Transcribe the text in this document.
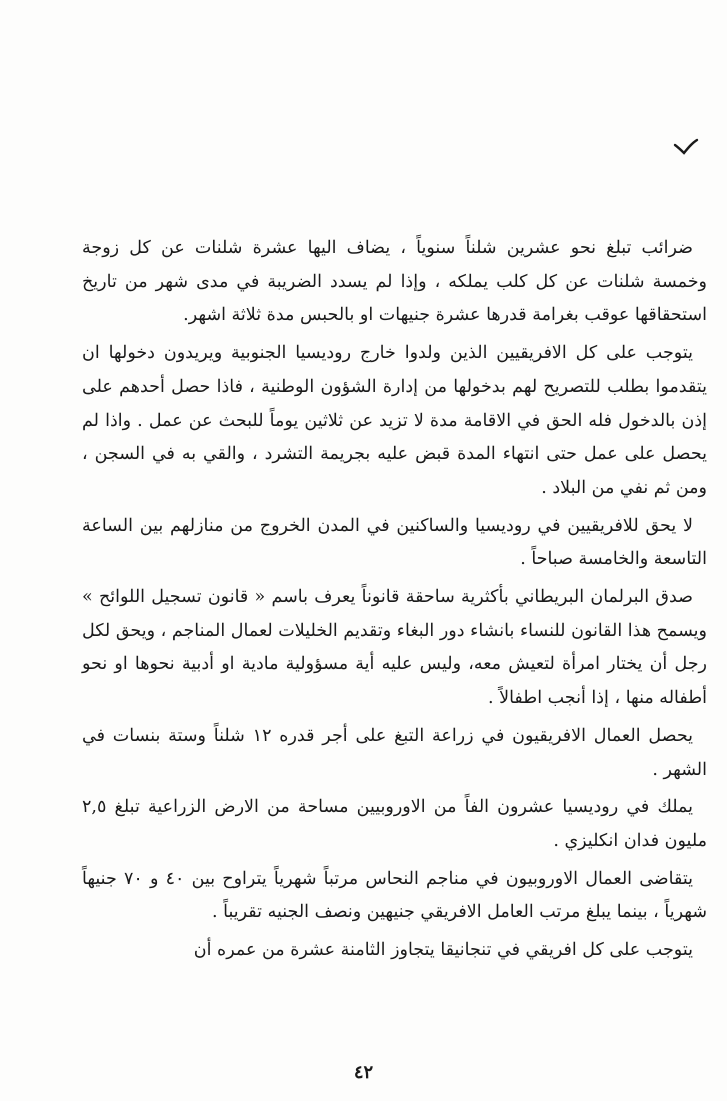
ضرائب تبلغ نحو عشرين شلناً سنوياً ، يضاف اليها عشرة شلنات عن كل زوجة وخمسة شلنات عن كل كلب يملكه ، وإذا لم يسدد الضريبة في مدى شهر من تاريخ استحقاقها عوقب بغرامة قدرها عشرة جنيهات او بالحبس مدة ثلاثة اشهر.

يتوجب على كل الافريقيين الذين ولدوا خارج روديسيا الجنوبية ويريدون دخولها ان يتقدموا بطلب للتصريح لهم بدخولها من إدارة الشؤون الوطنية ، فاذا حصل أحدهم على إذن بالدخول فله الحق في الاقامة مدة لا تزيد عن ثلاثين يوماً للبحث عن عمل . واذا لم يحصل على عمل حتى انتهاء المدة قبض عليه بجريمة التشرد ، والقي به في السجن ، ومن ثم نفي من البلاد .

لا يحق للافريقيين في روديسيا والساكنين في المدن الخروج من منازلهم بين الساعة التاسعة والخامسة صباحاً .

صدق البرلمان البريطاني بأكثرية ساحقة قانوناً يعرف باسم « قانون تسجيل اللوائح » ويسمح هذا القانون للنساء بانشاء دور البغاء وتقديم الخليلات لعمال المناجم ، ويحق لكل رجل أن يختار امرأة لتعيش معه، وليس عليه أية مسؤولية مادية او أدبية نحوها او نحو أطفاله منها ، إذا أنجب اطفالاً .

يحصل العمال الافريقيون في زراعة التبغ على أجر قدره ١٢ شلناً وستة بنسات في الشهر .

يملك في روديسيا عشرون الفاً من الاوروبيين مساحة من الارض الزراعية تبلغ ٢,٥ مليون فدان انكليزي .

يتقاضى العمال الاوروبيون في مناجم النحاس مرتباً شهرياً يتراوح بين ٤٠ و ٧٠ جنيهاً شهرياً ، بينما يبلغ مرتب العامل الافريقي جنيهين ونصف الجنيه تقريباً .

يتوجب على كل افريقي في تنجانيقا يتجاوز الثامنة عشرة من عمره أن

٤٢
